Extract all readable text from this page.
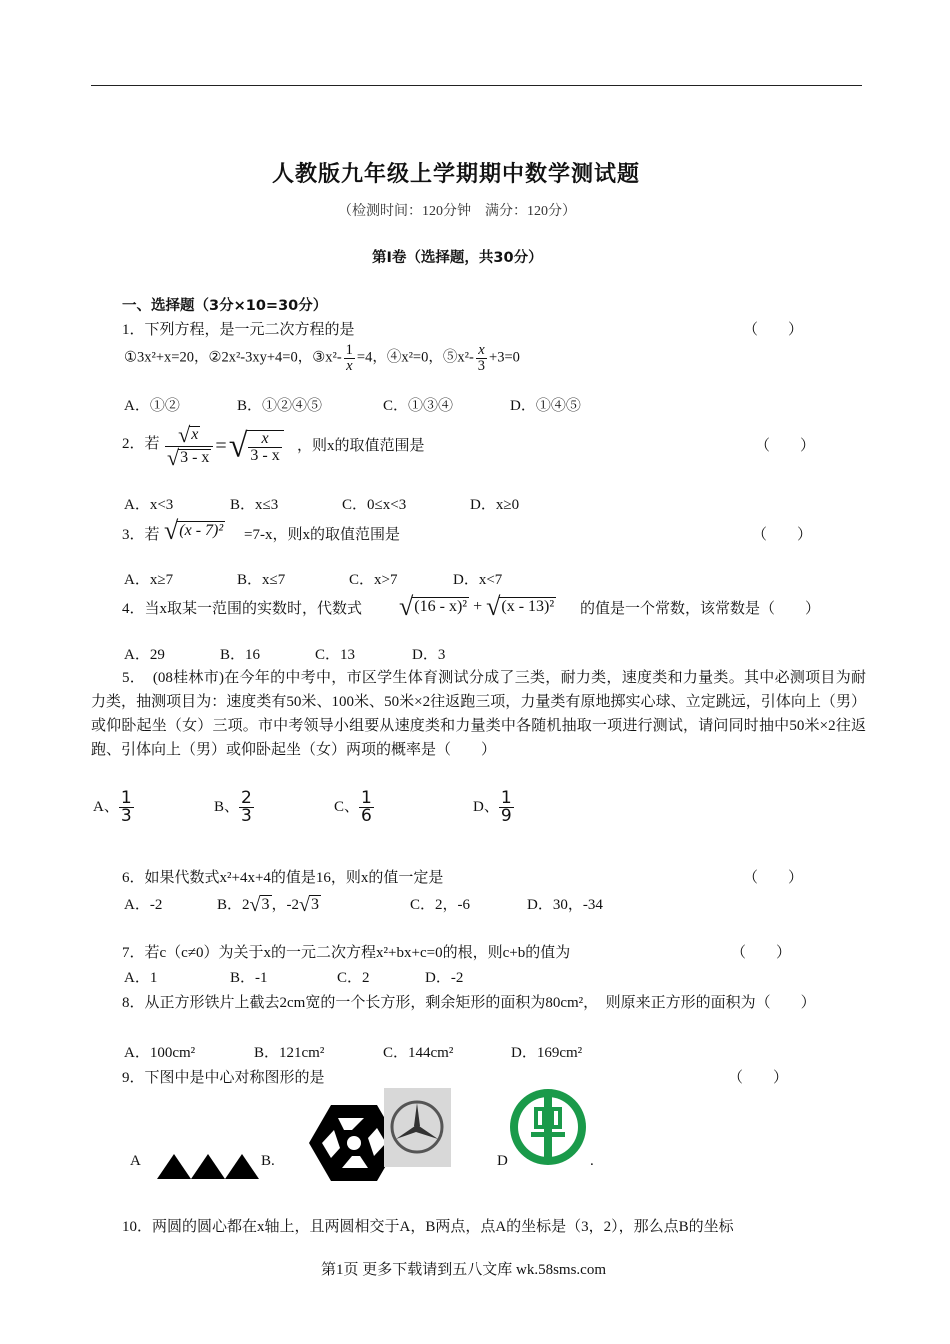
人教版九年级上学期期中数学测试题
（检测时间：120分钟　满分：120分）
第Ⅰ卷（选择题，共30分）
一、选择题（3分×10=30分）
1．下列方程，是一元二次方程的是	（　　）
①3x²+x=20，②2x²-3xy+4=0，③x²- $\frac{1}{x} =4$，④x²=0，⑤x²- $\frac{x}{3} +3=0$
A．①②	B．①②④⑤	C．①③④	D．①④⑤
2．若 $\frac{√x}{√3 - x}$ =√ $\frac{x}{3 - x}$ ，则x的取值范围是	（　　）
A．x<3	B．x≤3	C．0≤x<3	D．x≥0
3．若 √(x - 7)² =7-x，则x的取值范围是	（　　）
A．x≥7	B．x≤7	C．x>7	D．x<7
4．当x取某一范围的实数时，代数式 √(16 - x)² + √(x - 13)² 的值是一个常数，该常数是（　　）
A．29	B．16	C．13	D．3
5．　(08桂林市)在今年的中考中，市区学生体育测试分成了三类，耐力类，速度类和力量类。其中必测项目为耐力类，抽测项目为：速度类有50米、100米、50米×2往返跑三项，力量类有原地掷实心球、立定跳远，引体向上（男）或仰卧起坐（女）三项。市中考领导小组要从速度类和力量类中各随机抽取一项进行测试，请问同时抽中50米×2往返跑、引体向上（男）或仰卧起坐（女）两项的概率是（　　）
A、 $\frac{1}{3}$	B、 $\frac{2}{3}$	C、 $\frac{1}{6}$	D、 $\frac{1}{9}$
6．如果代数式x²+4x+4的值是16，则x的值一定是	（　　）
A．-2	B．2√3 ，-2√3	C．2，-6	D．30，-34
7．若c（c≠0）为关于x的一元二次方程x²+bx+c=0的根，则c+b的值为	（　　）
A．1	B．-1	C．2	D．-2
8．从正方形铁片上截去2cm宽的一个长方形，剩余矩形的面积为80cm²，　则原来正方形的面积为（　　）
A．100cm²	B．121cm²	C．144cm²	D．169cm²
9．下图中是中心对称图形的是	（　　）
A	B.	D	.
10．两圆的圆心都在x轴上，且两圆相交于A，B两点，点A的坐标是（3，2），那么点B的坐标
第1页 更多下载请到五八文库 wk.58sms.com
